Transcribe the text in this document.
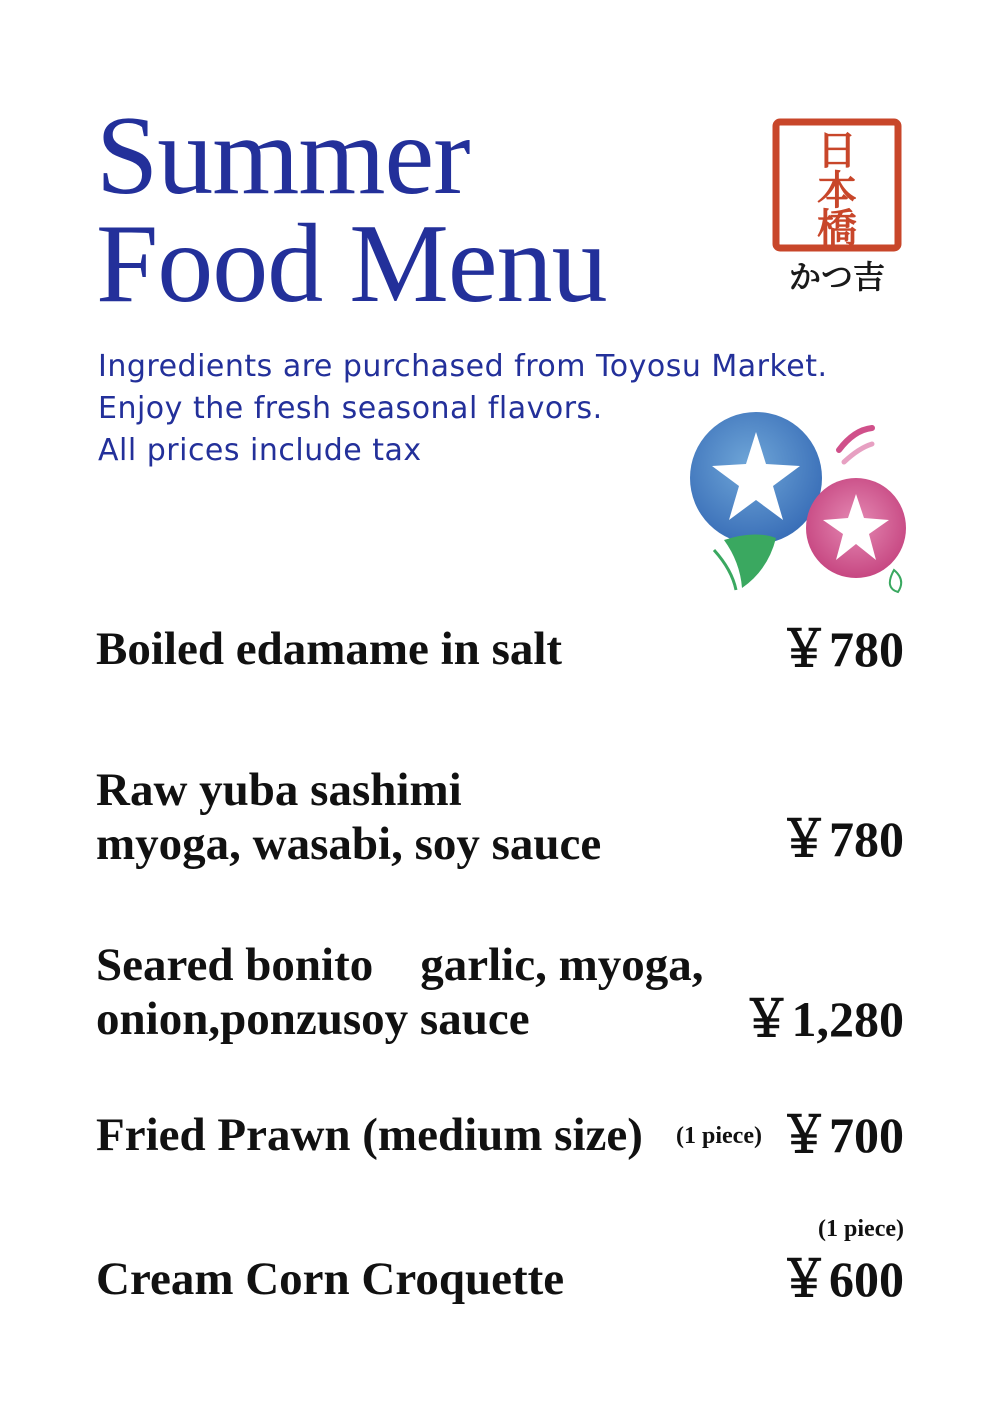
Summer
Food Menu
Ingredients are purchased from Toyosu Market.
Enjoy the fresh seasonal flavors.
All prices include tax
日
本
橋
かつ吉
Boiled edamame in salt	￥780
Raw yuba sashimi
myoga, wasabi, soy sauce	￥780
Seared bonito　garlic, myoga,
onion,ponzusoy sauce	￥1,280
Fried Prawn (medium size) (1 piece) ￥700
(1 piece)
Cream Corn Croquette	￥600
